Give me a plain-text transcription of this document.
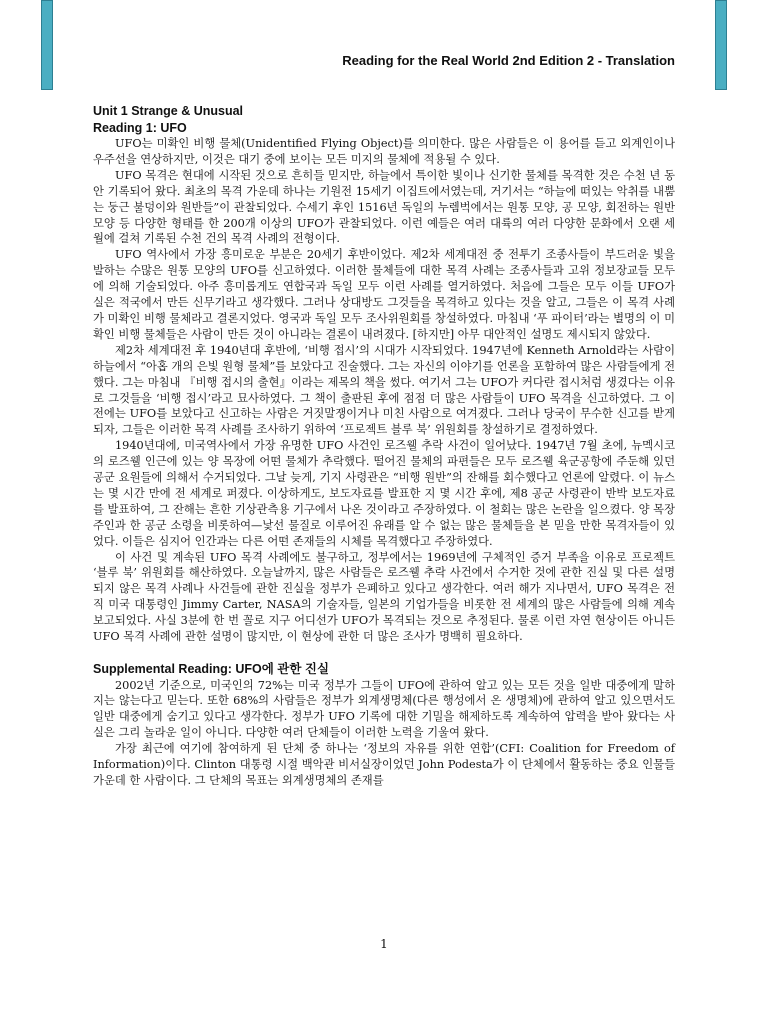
Reading for the Real World 2nd Edition 2 - Translation
Unit 1 Strange & Unusual
Reading 1: UFO

UFO는 미확인 비행 물체(Unidentified Flying Object)를 의미한다. 많은 사람들은 이 용어를 듣고 외계인이나 우주선을 연상하지만, 이것은 대기 중에 보이는 모든 미지의 물체에 적용될 수 있다.

UFO 목격은 현대에 시작된 것으로 흔히들 믿지만, 하늘에서 특이한 빛이나 신기한 물체를 목격한 것은 수천 년 동안 기록되어 왔다. 최초의 목격 가운데 하나는 기원전 15세기 이집트에서였는데, 거기서는 “하늘에 떠있는 악취를 내뿜는 둥근 불덩이와 원반들”이 관찰되었다. 수세기 후인 1516년 독일의 누렘벅에서는 원통 모양, 공 모양, 회전하는 원반 모양 등 다양한 형태를 한 200개 이상의 UFO가 관찰되었다. 이런 예들은 여러 대륙의 여러 다양한 문화에서 오랜 세월에 걸쳐 기록된 수천 건의 목격 사례의 전형이다.

UFO 역사에서 가장 흥미로운 부분은 20세기 후반이었다. 제2차 세계대전 중 전투기 조종사들이 부드러운 빛을 발하는 수많은 원통 모양의 UFO를 신고하였다. 이러한 물체들에 대한 목격 사례는 조종사들과 고위 정보장교들 모두에 의해 기술되었다. 아주 흥미롭게도 연합국과 독일 모두 이런 사례를 열거하였다. 처음에 그들은 모두 이들 UFO가 실은 적국에서 만든 신무기라고 생각했다. 그러나 상대방도 그것들을 목격하고 있다는 것을 알고, 그들은 이 목격 사례가 미확인 비행 물체라고 결론지었다. 영국과 독일 모두 조사위원회를 창설하였다. 마침내 ‘푸 파이터’라는 별명의 이 미확인 비행 물체들은 사람이 만든 것이 아니라는 결론이 내려졌다. [하지만] 아무 대안적인 설명도 제시되지 않았다.

제2차 세계대전 후 1940년대 후반에, ‘비행 접시’의 시대가 시작되었다. 1947년에 Kenneth Arnold라는 사람이 하늘에서 “아홉 개의 은빛 원형 물체”를 보았다고 진술했다. 그는 자신의 이야기를 언론을 포함하여 많은 사람들에게 전했다. 그는 마침내 『비행 접시의 출현』이라는 제목의 책을 썼다. 여기서 그는 UFO가 커다란 접시처럼 생겼다는 이유로 그것들을 ‘비행 접시’라고 묘사하였다. 그 책이 출판된 후에 점점 더 많은 사람들이 UFO 목격을 신고하였다. 그 이전에는 UFO를 보았다고 신고하는 사람은 거짓말쟁이거나 미친 사람으로 여겨졌다. 그러나 당국이 무수한 신고를 받게 되자, 그들은 이러한 목격 사례를 조사하기 위하여 ‘프로젝트 블루 북’ 위원회를 창설하기로 결정하였다.

1940년대에, 미국역사에서 가장 유명한 UFO 사건인 로즈웰 추락 사건이 일어났다. 1947년 7월 초에, 뉴멕시코의 로즈웰 인근에 있는 양 목장에 어떤 물체가 추락했다. 떨어진 물체의 파편들은 모두 로즈웰 육군공항에 주둔해 있던 공군 요원들에 의해서 수거되었다. 그날 늦게, 기지 사령관은 “비행 원반”의 잔해를 회수했다고 언론에 알렸다. 이 뉴스는 몇 시간 만에 전 세계로 퍼졌다. 이상하게도, 보도자료를 발표한 지 몇 시간 후에, 제8 공군 사령관이 반박 보도자료를 발표하여, 그 잔해는 흔한 기상관측용 기구에서 나온 것이라고 주장하였다. 이 철회는 많은 논란을 일으켰다. 양 목장주인과 한 공군 소령을 비롯하여—낯선 물질로 이루어진 유래를 알 수 없는 많은 물체들을 본 믿을 만한 목격자들이 있었다. 이들은 심지어 인간과는 다른 어떤 존재들의 시체를 목격했다고 주장하였다.

이 사건 및 계속된 UFO 목격 사례에도 불구하고, 정부에서는 1969년에 구체적인 증거 부족을 이유로 프로젝트 ‘블루 북’ 위원회를 해산하였다. 오늘날까지, 많은 사람들은 로즈웰 추락 사건에서 수거한 것에 관한 진실 및 다른 설명되지 않은 목격 사례나 사건들에 관한 진실을 정부가 은폐하고 있다고 생각한다. 여러 해가 지나면서, UFO 목격은 전직 미국 대통령인 Jimmy Carter, NASA의 기술자들, 일본의 기업가들을 비롯한 전 세계의 많은 사람들에 의해 계속 보고되었다. 사실 3분에 한 번 꼴로 지구 어디선가 UFO가 목격되는 것으로 추정된다. 물론 이런 자연 현상이든 아니든 UFO 목격 사례에 관한 설명이 많지만, 이 현상에 관한 더 많은 조사가 명백히 필요하다.

Supplemental Reading: UFO에 관한 진실

2002년 기준으로, 미국인의 72%는 미국 정부가 그들이 UFO에 관하여 알고 있는 모든 것을 일반 대중에게 말하지는 않는다고 믿는다. 또한 68%의 사람들은 정부가 외계생명체(다른 행성에서 온 생명체)에 관하여 알고 있으면서도 일반 대중에게 숨기고 있다고 생각한다. 정부가 UFO 기록에 대한 기밀을 해제하도록 계속하여 압력을 받아 왔다는 사실은 그리 놀라운 일이 아니다. 다양한 여러 단체들이 이러한 노력을 기울여 왔다.

가장 최근에 여기에 참여하게 된 단체 중 하나는 ‘정보의 자유를 위한 연합’(CFI: Coalition for Freedom of Information)이다. Clinton 대통령 시절 백악관 비서실장이었던 John Podesta가 이 단체에서 활동하는 중요 인물들 가운데 한 사람이다. 그 단체의 목표는 외계생명체의 존재를

1
